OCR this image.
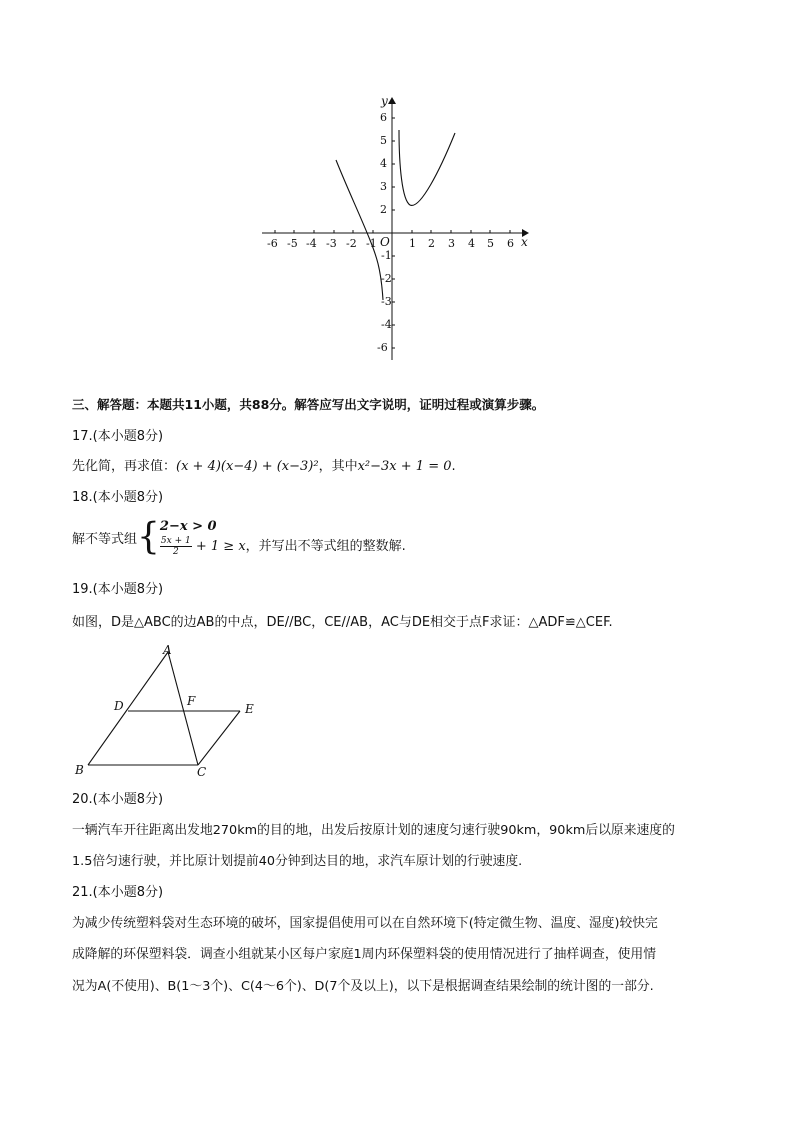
y
x
O
-6 -5 -4 -3 -2 -1	1 2 3 4 5 6
6
5
4
3
2
-1
-2
-3
-4
-6
三、解答题：本题共11小题，共88分。解答应写出文字说明，证明过程或演算步骤。
17.(本小题8分)
先化简，再求值：(x + 4)(x−4) + (x−3)²，其中x²−3x + 1 = 0.
18.(本小题8分)
解不等式组{ 2−x > 0
$\frac{5x + 1}{2} + 1 \ge x$，并写出不等式组的整数解.
19.(本小题8分)
如图，D是△ABC的边AB的中点，DE//BC，CE//AB，AC与DE相交于点F求证：△ADF≌△CEF.
A
D	F
E
B	C
20.(本小题8分)
一辆汽车开往距离出发地270km的目的地，出发后按原计划的速度匀速行驶90km，90km后以原来速度的
1.5倍匀速行驶，并比原计划提前40分钟到达目的地，求汽车原计划的行驶速度.
21.(本小题8分)
为减少传统塑料袋对生态环境的破坏，国家提倡使用可以在自然环境下(特定微生物、温度、湿度)较快完
成降解的环保塑料袋．调查小组就某小区每户家庭1周内环保塑料袋的使用情况进行了抽样调查，使用情
况为A(不使用)、B(1～3个)、C(4～6个)、D(7个及以上)，以下是根据调查结果绘制的统计图的一部分.
